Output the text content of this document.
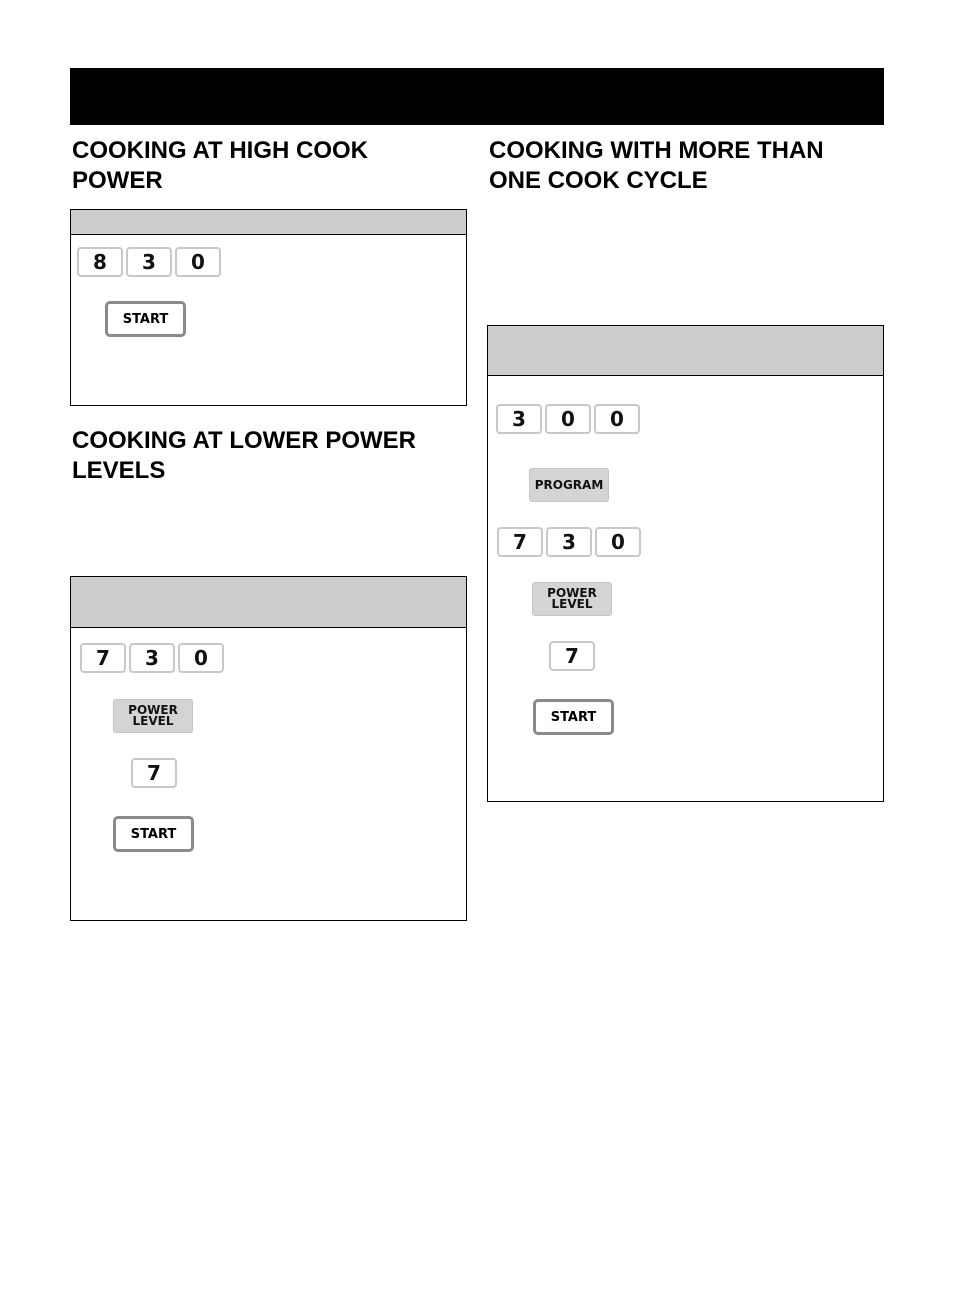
COOKING AT HIGH COOK
POWER
8	3	0
START
COOKING AT LOWER POWER
LEVELS
7	3	0
POWER
LEVEL
7
START
COOKING WITH MORE THAN
ONE COOK CYCLE
3	0	0
PROGRAM
7	3	0
POWER
LEVEL
7
START
